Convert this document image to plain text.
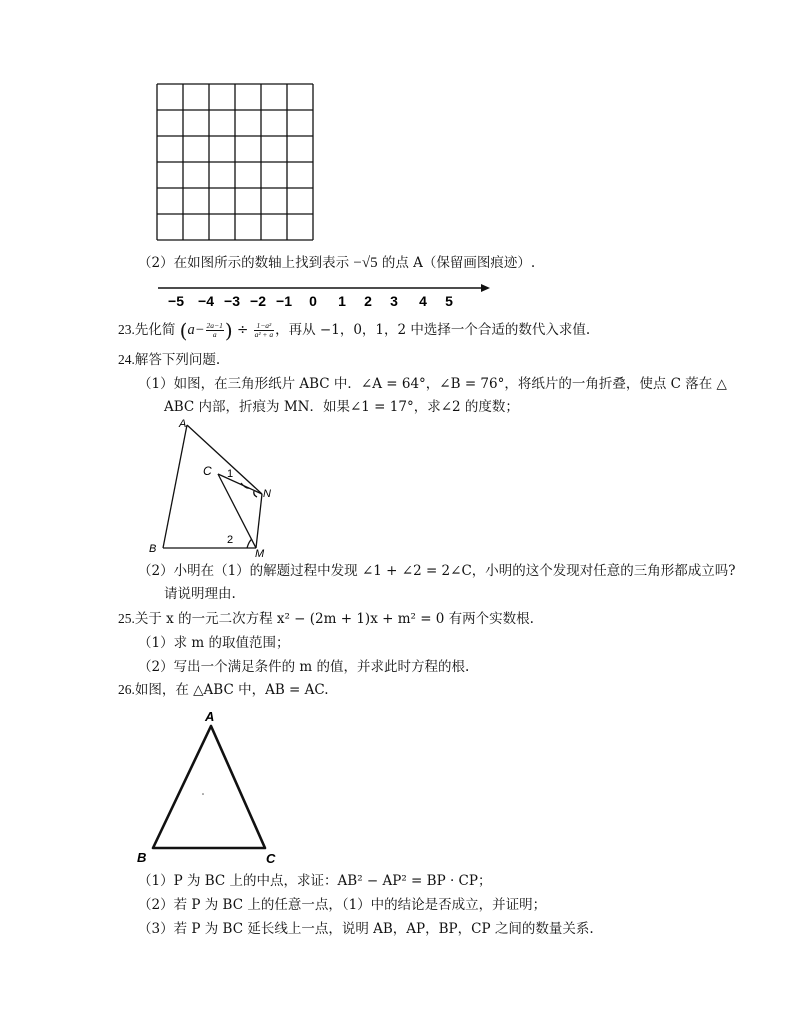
（2）在如图所示的数轴上找到表示 −√5 的点 A（保留画图痕迹）.
−5 −4 −3 −2 −1 0 1 2 3 4 5
23.先化简 ($a- \frac{2a-1}{a}$ ) ÷ $\frac{\text{1−a²}}{\text{a² + a}}$ ，再从 −1，0，1，2 中选择一个合适的数代入求值.
24.解答下列问题.
（1）如图，在三角形纸片 ABC 中．∠A = 64°，∠B = 76°，将纸片的一角折叠，使点 C 落在 △
ABC 内部，折痕为 MN．如果∠1 = 17°，求∠2 的度数；
A
B
C
N
M
1
2
（2）小明在（1）的解题过程中发现 ∠1 + ∠2 = 2∠C，小明的这个发现对任意的三角形都成立吗?
请说明理由.
25.关于 x 的一元二次方程 x² − (2m + 1)x + m² = 0 有两个实数根.
（1）求 m 的取值范围；
（2）写出一个满足条件的 m 的值，并求此时方程的根.
26.如图，在 △ABC 中，AB = AC.
A
B	C
（1）P 为 BC 上的中点，求证：AB² − AP² = BP · CP；
（2）若 P 为 BC 上的任意一点，（1）中的结论是否成立，并证明；
（3）若 P 为 BC 延长线上一点，说明 AB，AP，BP，CP 之间的数量关系.
